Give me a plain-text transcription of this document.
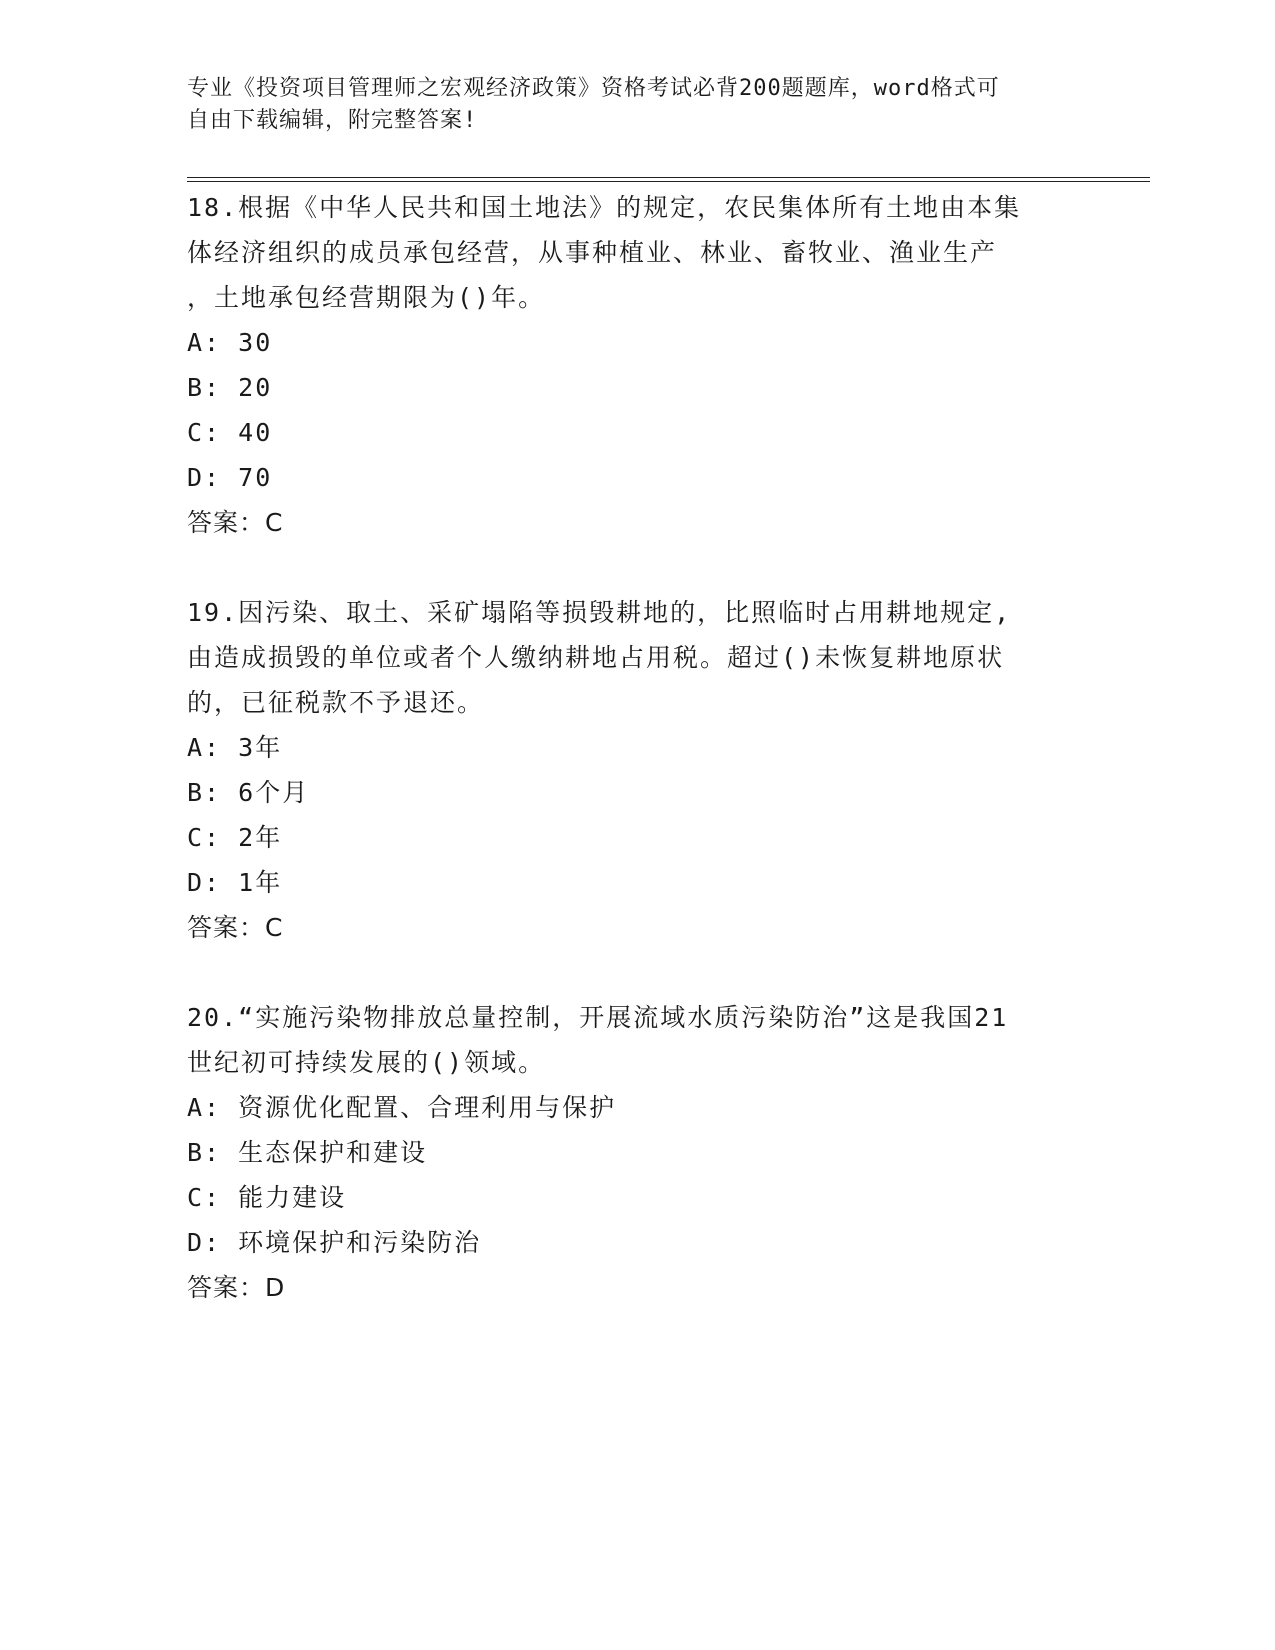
专业《投资项目管理师之宏观经济政策》资格考试必背200题题库，word格式可
自由下载编辑，附完整答案!
18.根据《中华人民共和国土地法》的规定，农民集体所有土地由本集
体经济组织的成员承包经营，从事种植业、林业、畜牧业、渔业生产
，土地承包经营期限为()年。
A: 30
B: 20
C: 40
D: 70
答案：C
19.因污染、取土、采矿塌陷等损毁耕地的，比照临时占用耕地规定,
由造成损毁的单位或者个人缴纳耕地占用税。超过()未恢复耕地原状
的，已征税款不予退还。
A: 3年
B: 6个月
C: 2年
D: 1年
答案：C
20.“实施污染物排放总量控制，开展流域水质污染防治”这是我国21
世纪初可持续发展的()领域。
A: 资源优化配置、合理利用与保护
B: 生态保护和建设
C: 能力建设
D: 环境保护和污染防治
答案：D
